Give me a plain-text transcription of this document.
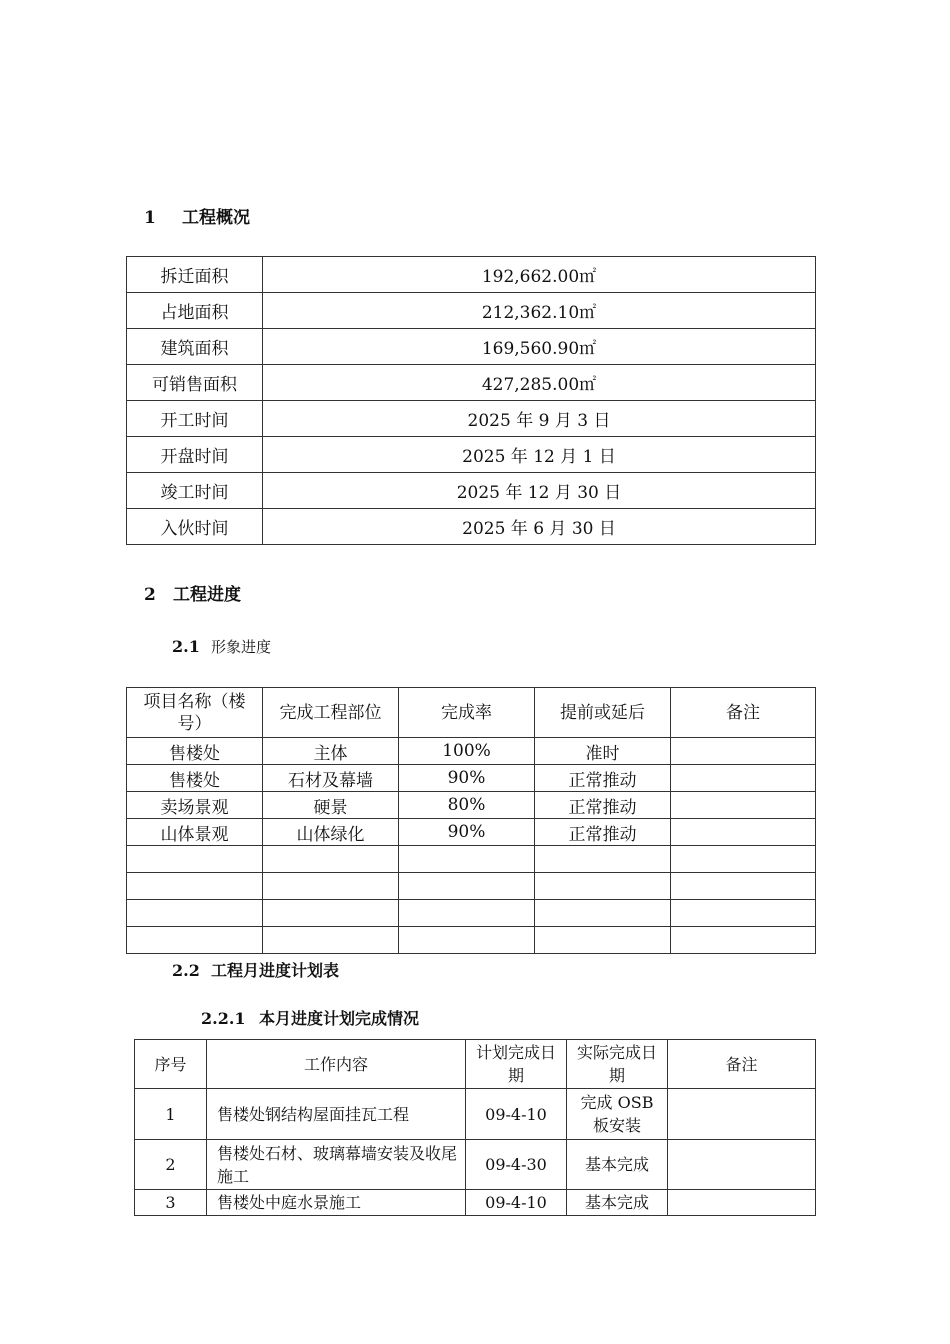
1 工程概况
拆迁面积	192,662.00㎡
占地面积	212,362.10㎡
建筑面积	169,560.90㎡
可销售面积	427,285.00㎡
开工时间	2025 年 9 月 3 日
开盘时间	2025 年 12 月 1 日
竣工时间	2025 年 12 月 30 日
入伙时间	2025 年 6 月 30 日
2 工程进度
2.1 形象进度
项目名称（楼号）	完成工程部位	完成率	提前或延后	备注
售楼处	主体	100%	准时	
售楼处	石材及幕墙	90%	正常推动	
卖场景观	硬景	80%	正常推动	
山体景观	山体绿化	90%	正常推动	

2.2 工程月进度计划表
2.2.1 本月进度计划完成情况
序号	工作内容	计划完成日期	实际完成日期	备注
1	售楼处钢结构屋面挂瓦工程	09-4-10	完成 OSB 板安装	
2	售楼处石材、玻璃幕墙安装及收尾施工	09-4-30	基本完成	
3	售楼处中庭水景施工	09-4-10	基本完成	
